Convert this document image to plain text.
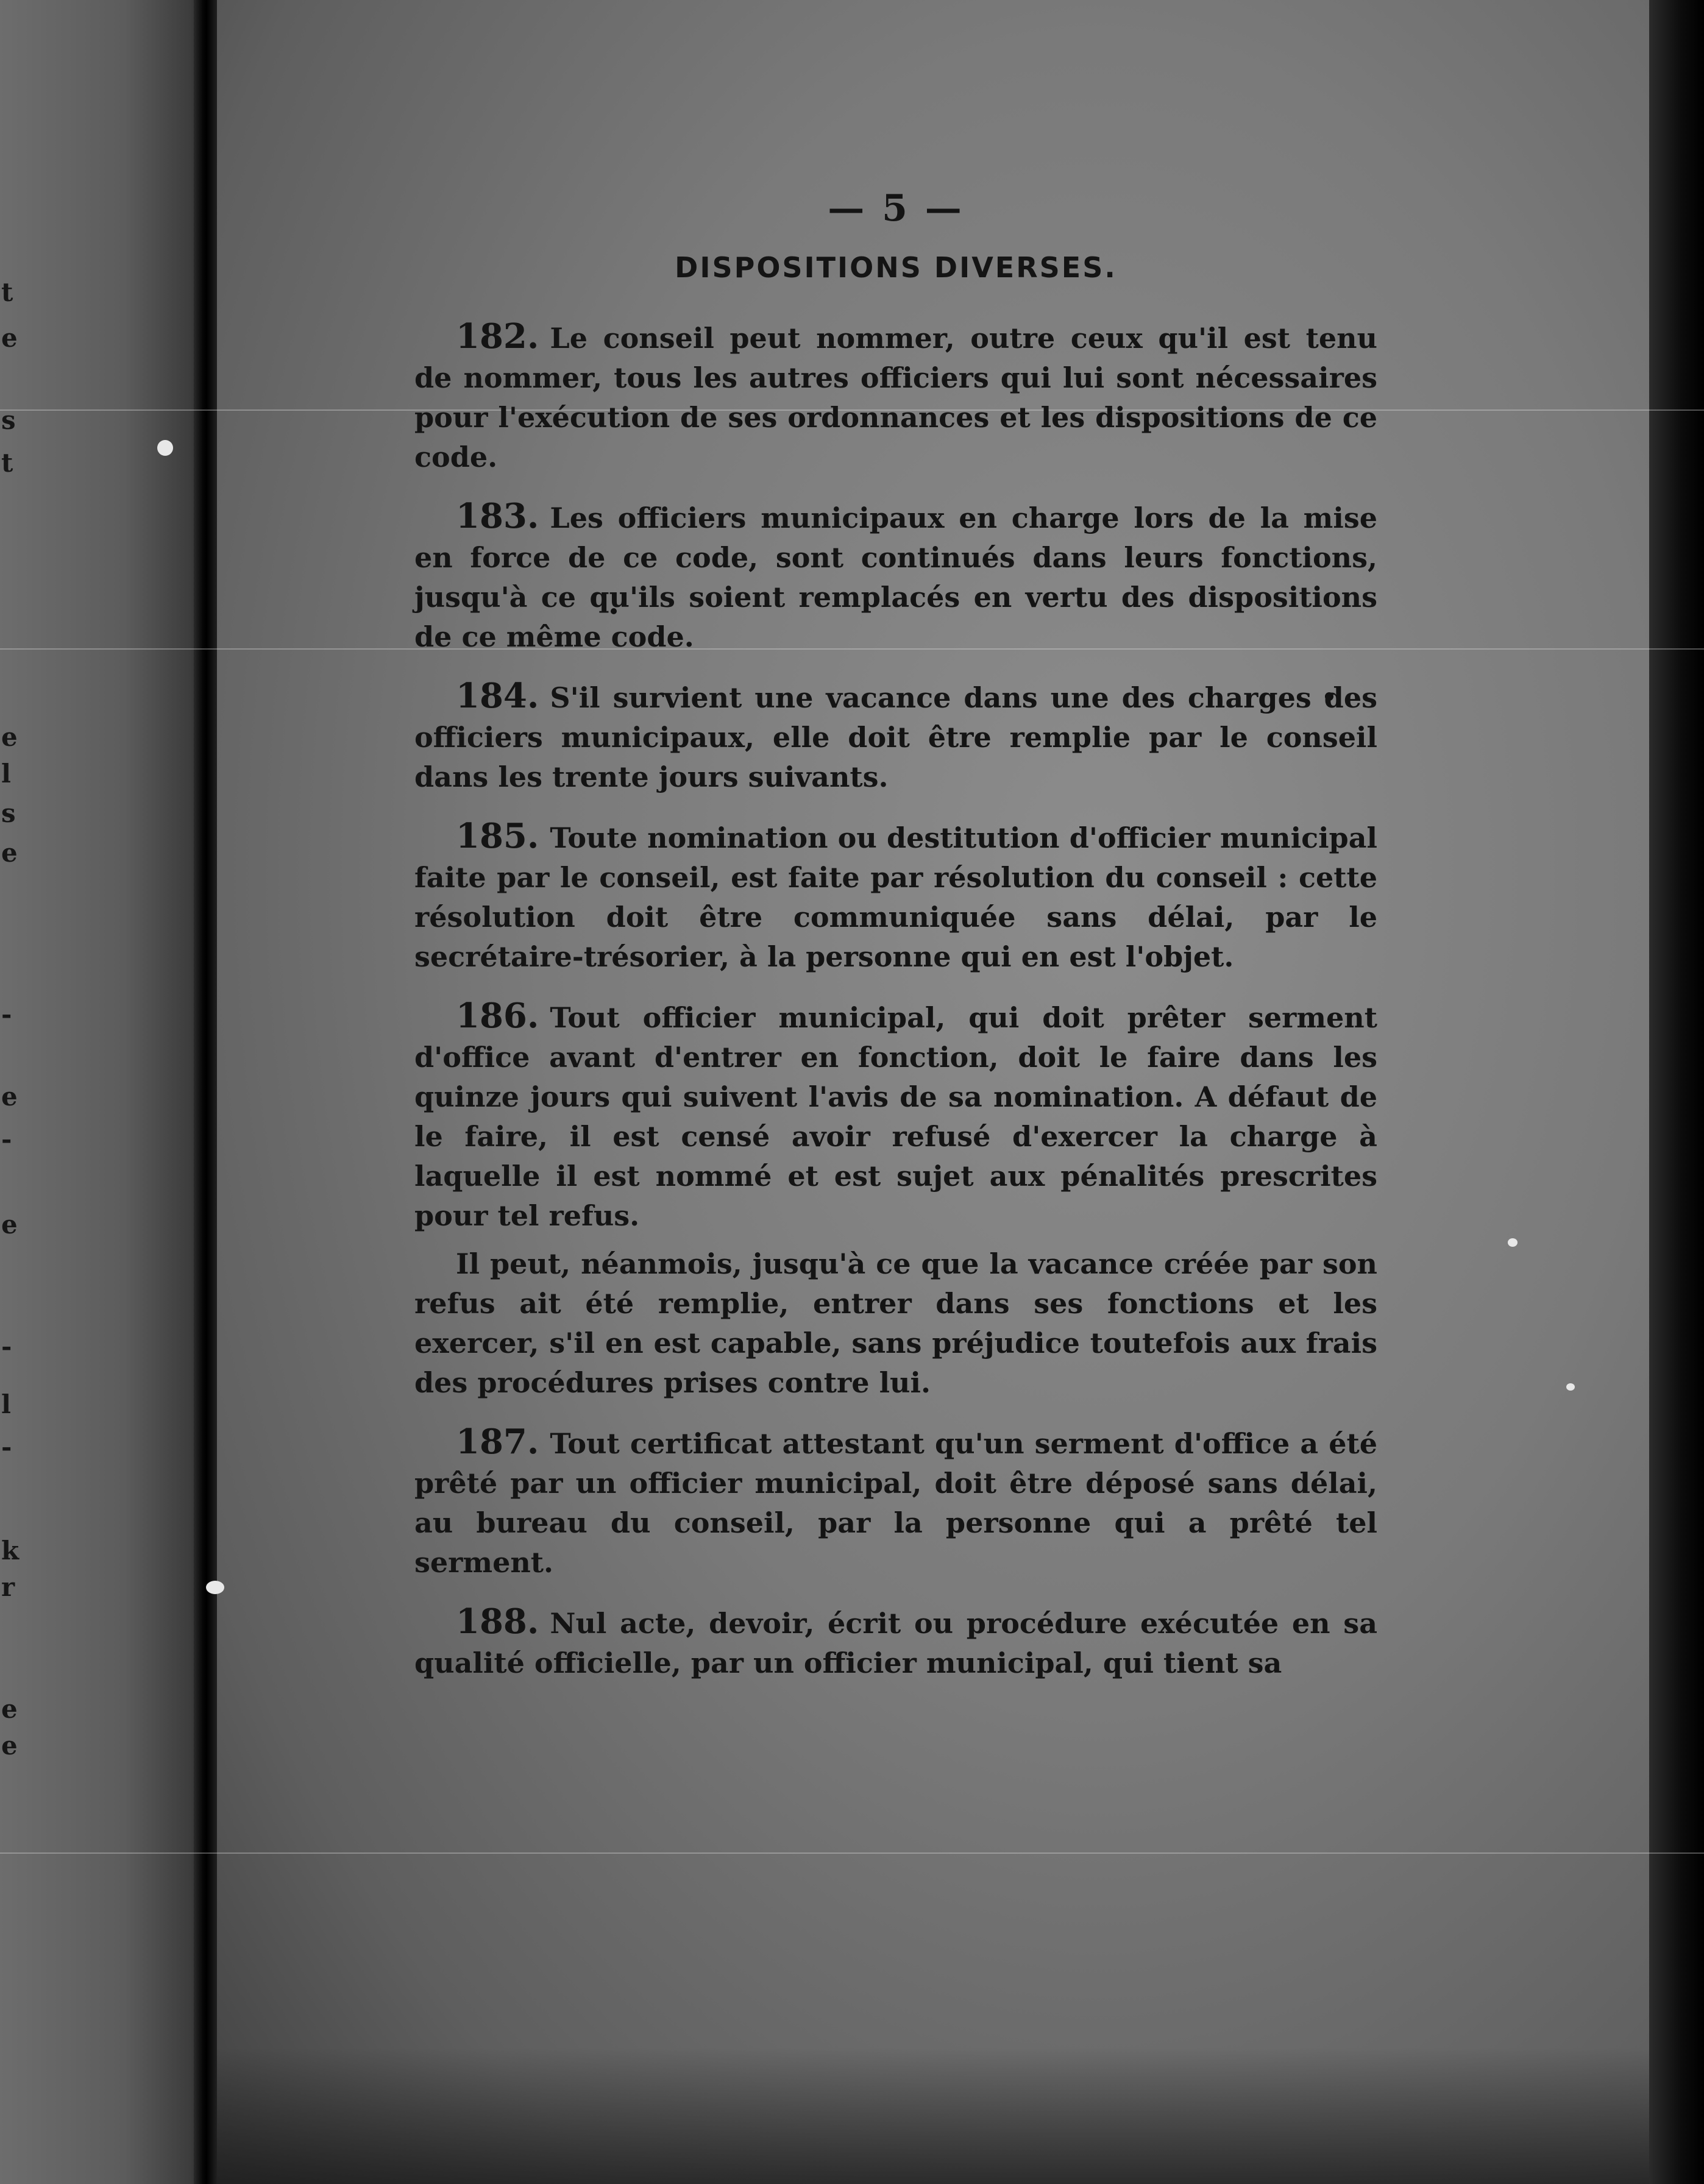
t
e
s
t
e
l
s
e
-
e
-
e
-
l
-
k
r
e
e
— 5 —
DISPOSITIONS DIVERSES.

182. Le conseil peut nommer, outre ceux qu'il est tenu de nommer, tous les autres officiers qui lui sont nécessaires pour l'exécution de ses ordonnances et les dispositions de ce code.

183. Les officiers municipaux en charge lors de la mise en force de ce code, sont continués dans leurs fonctions, jusqu'à ce qu'ils soient remplacés en vertu des dispositions de ce même code.

184. S'il survient une vacance dans une des charges des officiers municipaux, elle doit être remplie par le conseil dans les trente jours suivants.

185. Toute nomination ou destitution d'officier municipal faite par le conseil, est faite par résolution du conseil : cette résolution doit être communiquée sans délai, par le secrétaire-trésorier, à la personne qui en est l'objet.

186. Tout officier municipal, qui doit prêter serment d'office avant d'entrer en fonction, doit le faire dans les quinze jours qui suivent l'avis de sa nomination. A défaut de le faire, il est censé avoir refusé d'exercer la charge à laquelle il est nommé et est sujet aux pénalités prescrites pour tel refus.

Il peut, néanmois, jusqu'à ce que la vacance créée par son refus ait été remplie, entrer dans ses fonctions et les exercer, s'il en est capable, sans préjudice toutefois aux frais des procédures prises contre lui.

187. Tout certificat attestant qu'un serment d'office a été prêté par un officier municipal, doit être déposé sans délai, au bureau du conseil, par la personne qui a prêté tel serment.

188. Nul acte, devoir, écrit ou procédure exécutée en sa qualité officielle, par un officier municipal, qui tient sa
